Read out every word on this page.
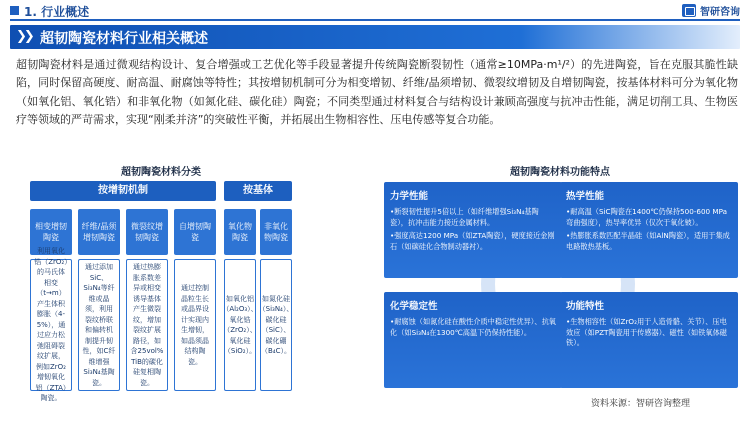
1. 行业概述	智研咨询
❯❯ 超韧陶瓷材料行业相关概述
超韧陶瓷材料是通过微观结构设计、复合增强或工艺优化等手段显著提升传统陶瓷断裂韧性（通常≥10MPa·m¹/²）的先进陶瓷，旨在克服其脆性缺陷，同时保留高硬度、耐高温、耐腐蚀等特性；其按增韧机制可分为相变增韧、纤维/晶须增韧、微裂纹增韧及自增韧陶瓷，按基体材料可分为氧化物（如氧化铝、氧化锆）和非氧化物（如氮化硅、碳化硅）陶瓷；不同类型通过材料复合与结构设计兼顾高强度与抗冲击性能，满足切削工具、生物医疗等领域的严苛需求，实现“刚柔并济”的突破性平衡，并拓展出生物相容性、压电传感等复合功能。
超韧陶瓷材料分类
按增韧机制	按基体
相变增韧陶瓷
纤维/晶须增韧陶瓷
微裂纹增韧陶瓷
自增韧陶瓷
氧化物陶瓷
非氧化物陶瓷
锆（ZrO₂）的马氏体相变（t→m）产生体积膨胀（4-5%），通过应力松弛阻碍裂纹扩展，例如ZrO₂增韧氧化铝（ZTA）陶瓷。
通过添加SiC、Si₃N₄等纤维或晶须，利用裂纹桥联和偏转机制提升韧性，如C纤维增强Si₃N₄基陶瓷。
通过热膨胀系数差异或相变诱导基体产生微裂纹，增加裂纹扩展路径，如含25vol% TiB的碳化硅复相陶瓷。
通过控制晶粒生长或晶界设计实现内生增韧，如晶须晶结构陶瓷。
如氧化铝（Al₂O₃）、氧化锆（ZrO₂）、氧化硅（SiO₂）。
如氮化硅（Si₃N₄）、碳化硅（SiC）、碳化硼（B₄C）。
超韧陶瓷材料功能特点
力学性能

•断裂韧性提升5倍以上（如纤维增强Si₃N₄基陶瓷），抗冲击能力接近金属材料。

•强度高达1200 MPa（如ZTA陶瓷），硬度接近金刚石（如碳硅化合物制动器衬）。

热学性能

•耐高温（SiC陶瓷在1400℃仍保持500-600 MPa弯曲强度），热导率优异（仅次于氧化铍）。

•热膨胀系数匹配半晶硅（如AlN陶瓷），适用于集成电路散热基板。

化学稳定性

•耐腐蚀（如氮化硅在酸性介质中稳定性优异）、抗氧化（如Si₃N₄在1300℃高温下仍保持性能）。

功能特性

•生物相容性（如ZrO₂用于人造骨骼、关节）、压电效应（如PZT陶瓷用于传感器）、磁性（如铁氧体磁铁）。

资料来源：智研咨询整理
